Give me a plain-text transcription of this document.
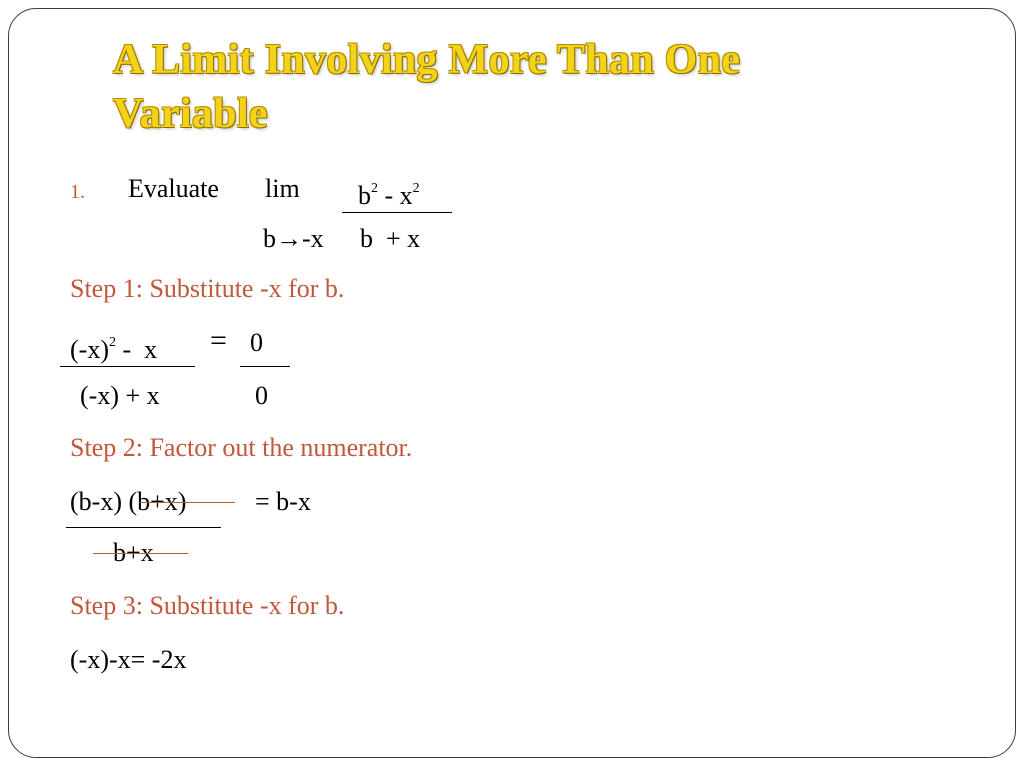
A Limit Involving More Than One Variable
1. Evaluate $\lim b^2 - x^2$
b→-x b  + x
Step 1: Substitute -x for b.
$(-x)^2 - x = 0$
(-x) + x	0
Step 2: Factor out the numerator.
(b-x) (b+x)	= b-x
b+x
Step 3: Substitute -x for b.
(-x)-x= -2x
